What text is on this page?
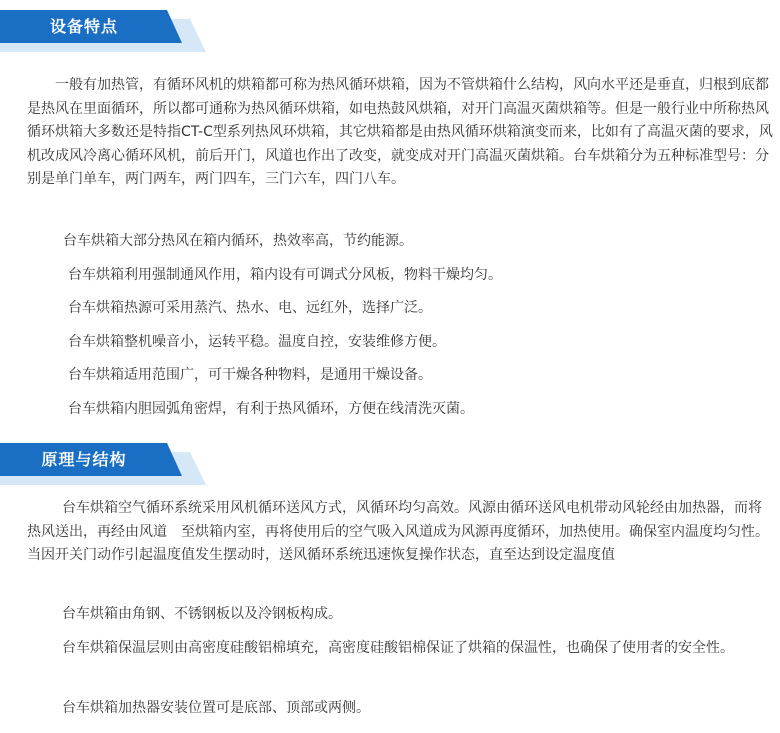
设备特点

一般有加热管，有循环风机的烘箱都可称为热风循环烘箱，因为不管烘箱什么结构，风向水平还是垂直，归根到底都是热风在里面循环，所以都可通称为热风循环烘箱，如电热鼓风烘箱，对开门高温灭菌烘箱等。但是一般行业中所称热风循环烘箱大多数还是特指CT-C型系列热风环烘箱，其它烘箱都是由热风循环烘箱演变而来，比如有了高温灭菌的要求，风机改成风冷离心循环风机，前后开门，风道也作出了改变，就变成对开门高温灭菌烘箱。台车烘箱分为五种标准型号：分别是单门单车，两门两车，两门四车，三门六车，四门八车。

台车烘箱大部分热风在箱内循环，热效率高，节约能源。

台车烘箱利用强制通风作用，箱内设有可调式分风板，物料干燥均匀。

台车烘箱热源可采用蒸汽、热水、电、远红外，选择广泛。

台车烘箱整机噪音小，运转平稳。温度自控，安装维修方便。

台车烘箱适用范围广，可干燥各种物料，是通用干燥设备。

台车烘箱内胆园弧角密焊，有利于热风循环，方便在线清洗灭菌。

原理与结构

台车烘箱空气循环系统采用风机循环送风方式，风循环均匀高效。风源由循环送风电机带动风轮经由加热器，而将热风送出，再经由风道　至烘箱内室，再将使用后的空气吸入风道成为风源再度循环，加热使用。确保室内温度均匀性。当因开关门动作引起温度值发生摆动时，送风循环系统迅速恢复操作状态，直至达到设定温度值

台车烘箱由角钢、不锈钢板以及冷钢板构成。

台车烘箱保温层则由高密度硅酸铝棉填充，高密度硅酸铝棉保证了烘箱的保温性，也确保了使用者的安全性。

台车烘箱加热器安装位置可是底部、顶部或两侧。
